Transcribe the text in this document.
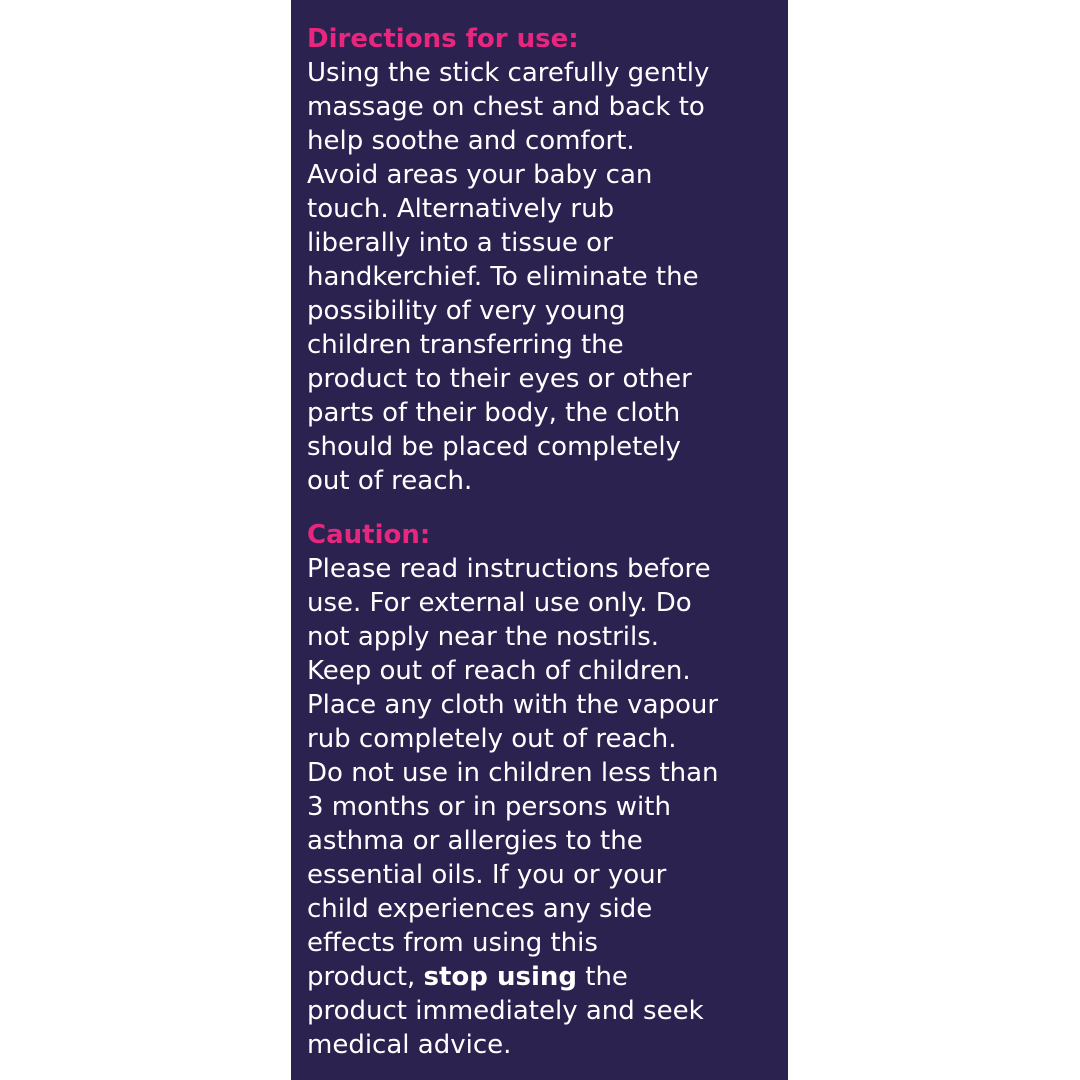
Directions for use:

Using the stick carefully gently
massage on chest and back to
help soothe and comfort.
Avoid areas your baby can
touch. Alternatively rub
liberally into a tissue or
handkerchief. To eliminate the
possibility of very young
children transferring the
product to their eyes or other
parts of their body, the cloth
should be placed completely
out of reach.

Caution:

Please read instructions before
use. For external use only. Do
not apply near the nostrils.
Keep out of reach of children.
Place any cloth with the vapour
rub completely out of reach.
Do not use in children less than
3 months or in persons with
asthma or allergies to the
essential oils. If you or your
child experiences any side
effects from using this
product, stop using the
product immediately and seek
medical advice.
